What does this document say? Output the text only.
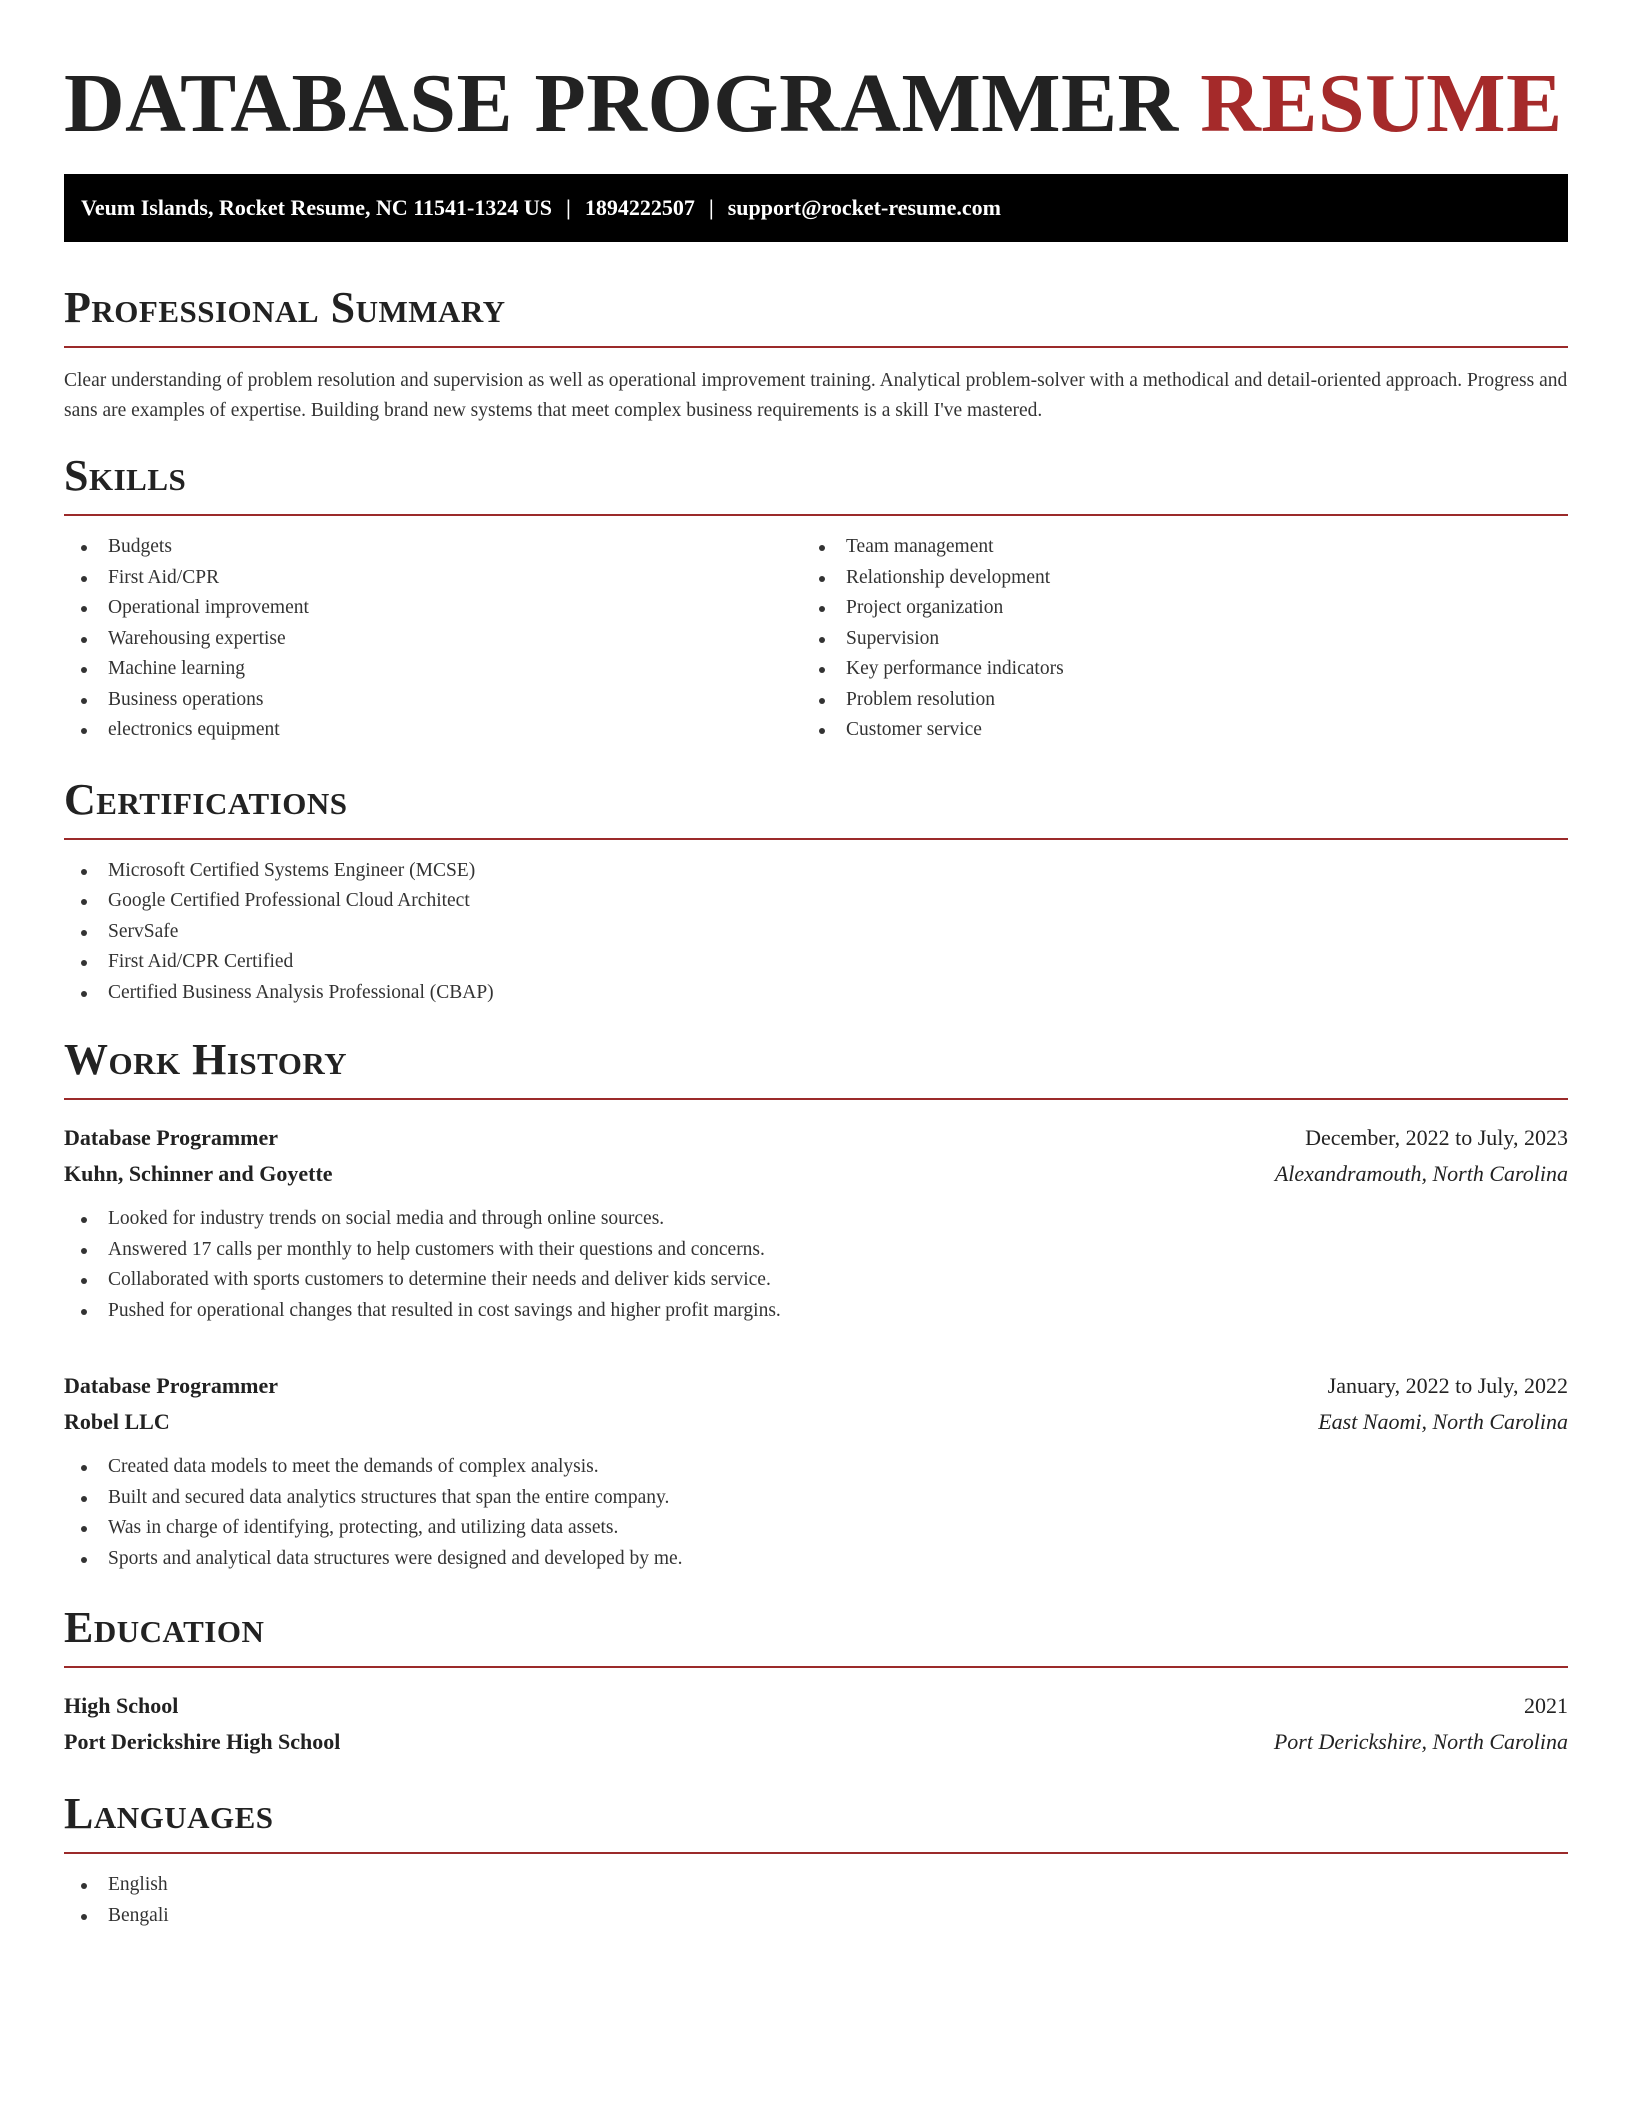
DATABASE PROGRAMMER RESUME
Veum Islands, Rocket Resume, NC 11541-1324 US | 1894222507 | support@rocket-resume.com
Professional Summary

Clear understanding of problem resolution and supervision as well as operational improvement training. Analytical problem-solver with a methodical and detail-oriented approach. Progress and sans are examples of expertise. Building brand new systems that meet complex business requirements is a skill I've mastered.

Skills
Budgets
First Aid/CPR
Operational improvement
Warehousing expertise
Machine learning
Business operations
electronics equipment
Team management
Relationship development
Project organization
Supervision
Key performance indicators
Problem resolution
Customer service
Certifications
Microsoft Certified Systems Engineer (MCSE)
Google Certified Professional Cloud Architect
ServSafe
First Aid/CPR Certified
Certified Business Analysis Professional (CBAP)
Work History
Database Programmer	December, 2022 to July, 2023
Kuhn, Schinner and Goyette	Alexandramouth, North Carolina
Looked for industry trends on social media and through online sources.
Answered 17 calls per monthly to help customers with their questions and concerns.
Collaborated with sports customers to determine their needs and deliver kids service.
Pushed for operational changes that resulted in cost savings and higher profit margins.
Database Programmer	January, 2022 to July, 2022
Robel LLC	East Naomi, North Carolina
Created data models to meet the demands of complex analysis.
Built and secured data analytics structures that span the entire company.
Was in charge of identifying, protecting, and utilizing data assets.
Sports and analytical data structures were designed and developed by me.
Education
High School	2021
Port Derickshire High School	Port Derickshire, North Carolina
Languages
English
Bengali
